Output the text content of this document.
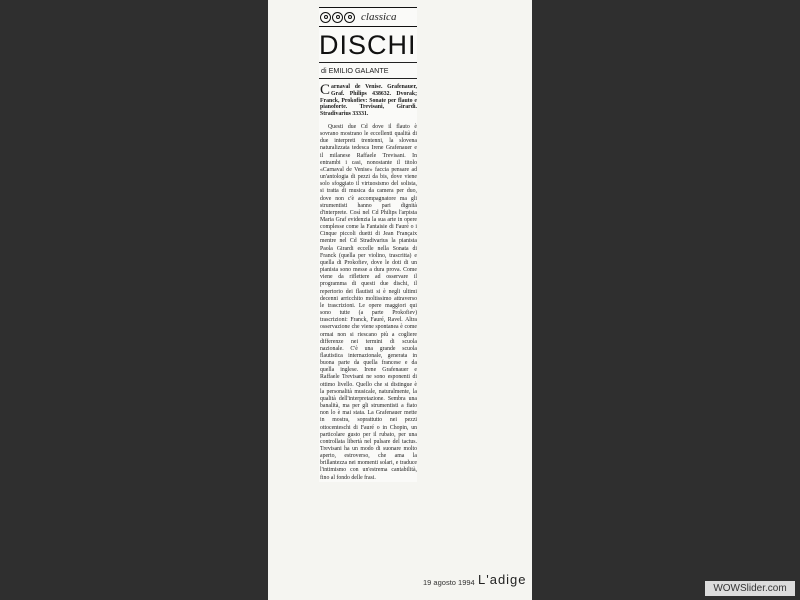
classica
DISCHI
di EMILIO GALANTE
Carnaval de Venise. Grafenauer, Graf. Philips 438632. Dvorak; Franck, Prokofiev: Sonate per flauto e pianoforte. Trevisani, Girardi. Stradivarius 33331.
Questi due Cd dove il flauto è sovrano mostrano le eccellenti qualità di due interpreti trentenni, la slovena naturalizzata tedesca Irene Grafenauer e il milanese Raffaele Trevisani. In entrambi i casi, nonostante il titolo «Carnaval de Venise» faccia pensare ad un'antologia di pezzi da bis, dove viene solo sfoggiato il virtuosismo del solista, si tratta di musica da camera per duo, dove non c'è accompagnatore ma gli strumentisti hanno pari dignità d'interprete. Così nel Cd Philips l'arpista Maria Graf evidenzia la sua arte in opere complesse come la Fantaisie di Fauré o i Cinque piccoli duetti di Jean Françaix mentre nel Cd Stradivarius la pianista Paola Girardi eccelle nella Sonata di Franck (quella per violino, trascritta) e quella di Prokofiev, dove le doti di un pianista sono messe a dura prova. Come viene da riflettere ad osservare il programma di questi due dischi, il repertorio dei flautisti si è negli ultimi decenni arricchito moltissimo attraverso le trascrizioni. Le opere maggiori qui sono tutte (a parte Prokofiev) trascrizioni: Franck, Fauré, Ravel. Altra osservazione che viene spontanea è come ormai non si riescano più a cogliere differenze nei termini di scuola nazionale. C'è una grande scuola flautistica internazionale, generata in buona parte da quella francese e da quella inglese. Irene Grafenauer e Raffaele Trevisani ne sono esponenti di ottimo livello. Quello che si distingue è la personalità musicale, naturalmente, la qualità dell'interpretazione. Sembra una banalità, ma per gli strumentisti a fiato non lo è mai stata. La Grafenauer mette in mostra, soprattutto nei pezzi ottocenteschi di Fauré o in Chopin, un particolare gusto per il rubato, per una controllata libertà nel pulsare del tactus. Trevisani ha un modo di suonare molto aperto, estroverso, che ama la brillantezza nei momenti solari, e traduce l'intimismo con un'estrema cantabilità, fino al fondo delle frasi.
19 agosto 1994 L'adige
WOWSlider.com
